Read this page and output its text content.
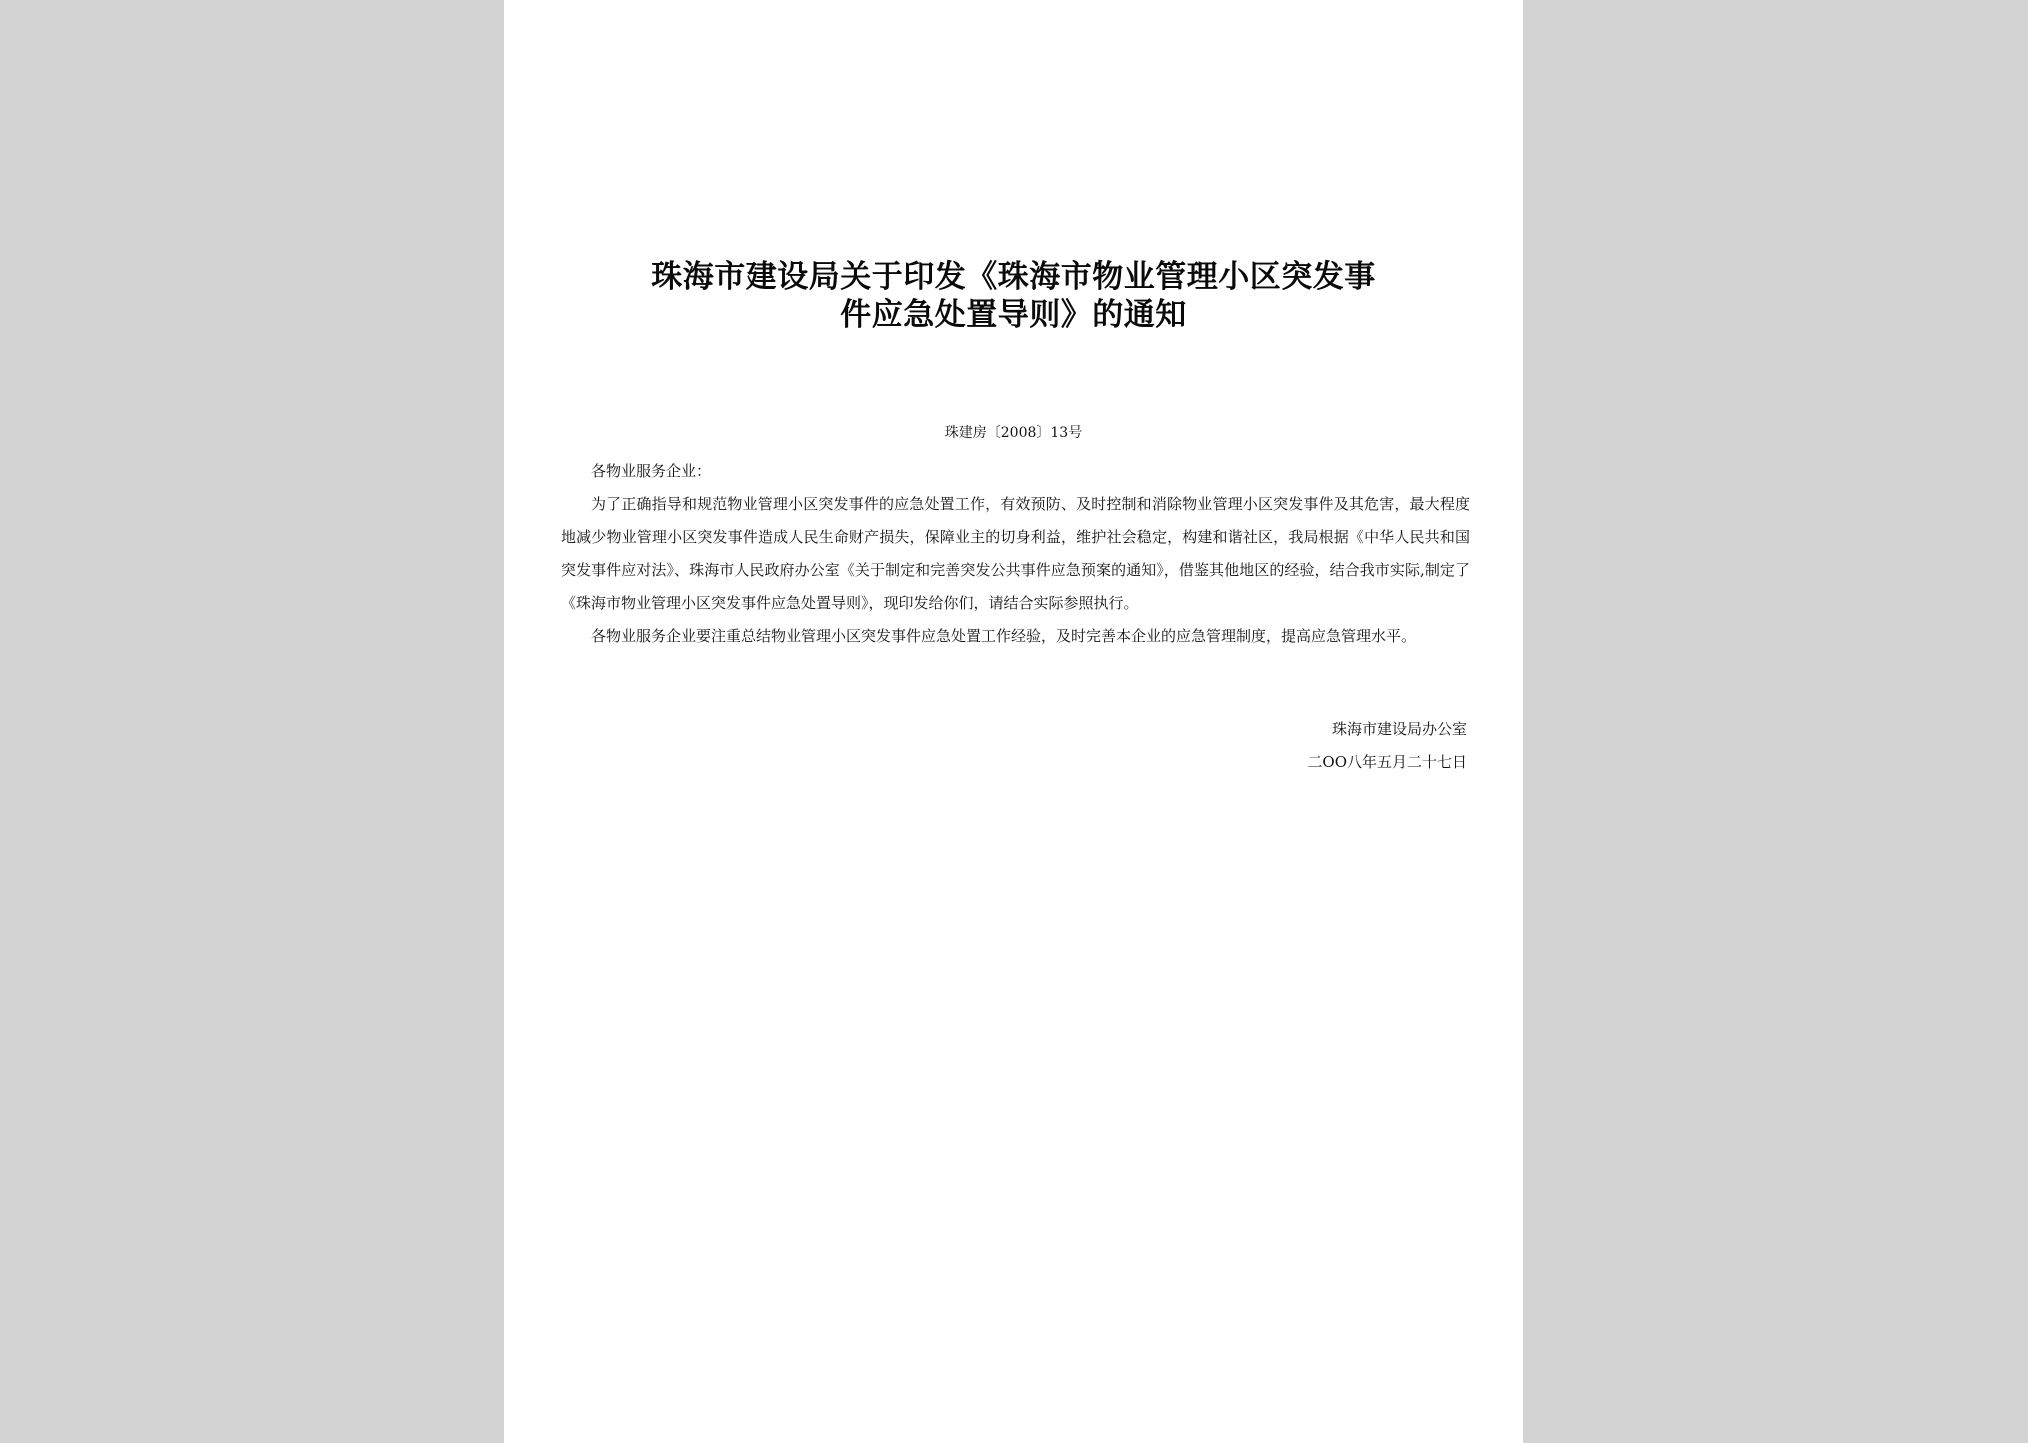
珠海市建设局关于印发《珠海市物业管理小区突发事
件应急处置导则》的通知
珠建房〔2008〕13号

各物业服务企业：

为了正确指导和规范物业管理小区突发事件的应急处置工作，有效预防、及时控制和消除物业管理小区突发事件及其危害，最大程度地减少物业管理小区突发事件造成人民生命财产损失，保障业主的切身利益，维护社会稳定，构建和谐社区，我局根据《中华人民共和国突发事件应对法》、珠海市人民政府办公室《关于制定和完善突发公共事件应急预案的通知》，借鉴其他地区的经验，结合我市实际,制定了《珠海市物业管理小区突发事件应急处置导则》，现印发给你们，请结合实际参照执行。

各物业服务企业要注重总结物业管理小区突发事件应急处置工作经验，及时完善本企业的应急管理制度，提高应急管理水平。

珠海市建设局办公室
二OO八年五月二十七日
